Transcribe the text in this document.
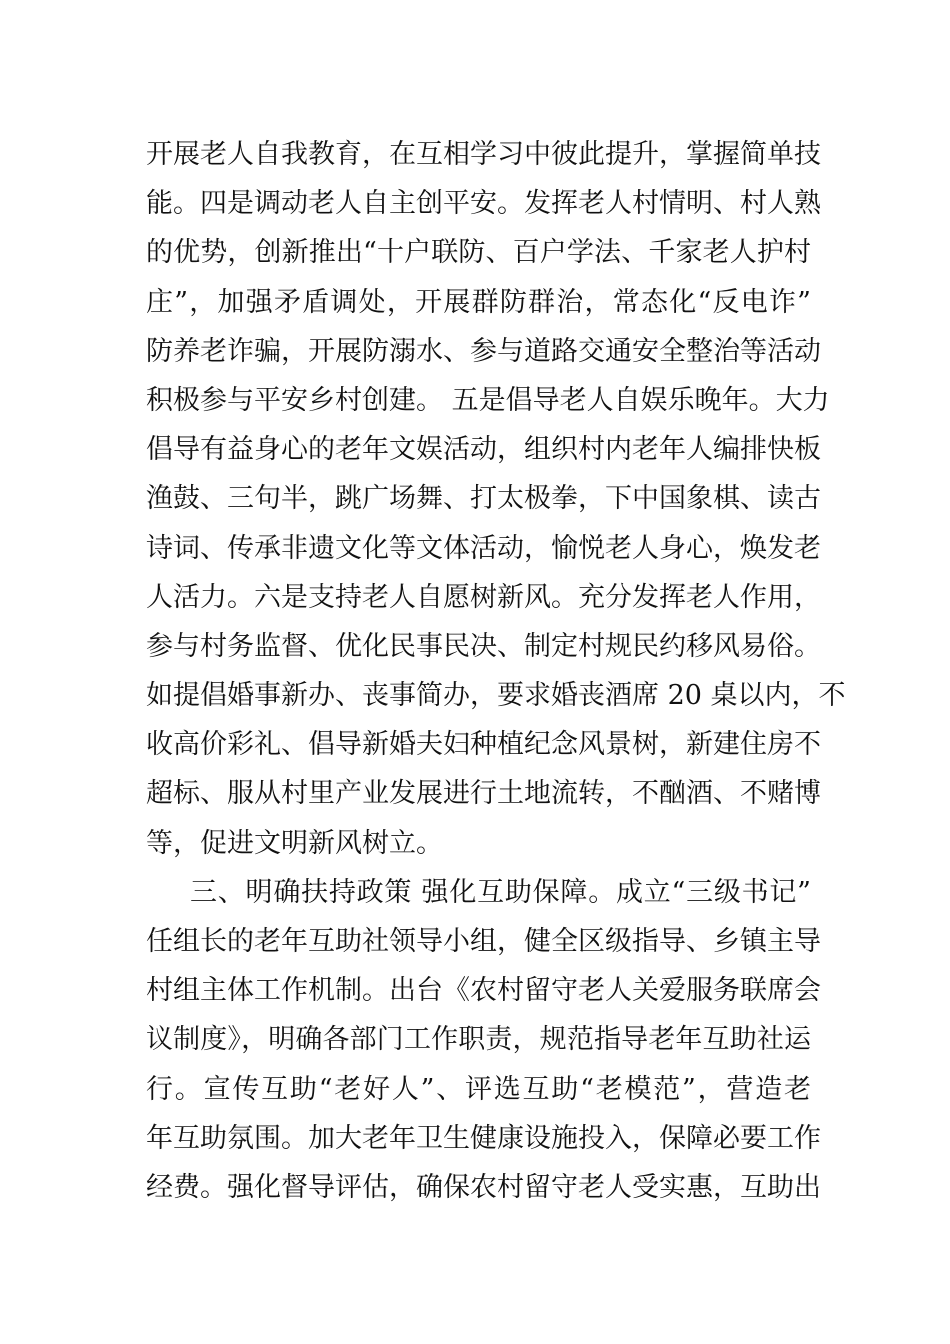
开展老人自我教育，在互相学习中彼此提升，掌握简单技
能。四是调动老人自主创平安。发挥老人村情明、村人熟
的优势，创新推出“十户联防、百户学法、千家老人护村
庄”，加强矛盾调处，开展群防群治，常态化“反电诈”
防养老诈骗，开展防溺水、参与道路交通安全整治等活动
积极参与平安乡村创建。 五是倡导老人自娱乐晚年。大力
倡导有益身心的老年文娱活动，组织村内老年人编排快板
渔鼓、三句半，跳广场舞、打太极拳，下中国象棋、读古
诗词、传承非遗文化等文体活动，愉悦老人身心，焕发老
人活力。六是支持老人自愿树新风。充分发挥老人作用，
参与村务监督、优化民事民决、制定村规民约移风易俗。
如提倡婚事新办、丧事简办，要求婚丧酒席 20 桌以内，不
收高价彩礼、倡导新婚夫妇种植纪念风景树，新建住房不
超标、服从村里产业发展进行土地流转，不酗酒、不赌博
等，促进文明新风树立。
三、明确扶持政策 强化互助保障。成立“三级书记”
任组长的老年互助社领导小组，健全区级指导、乡镇主导
村组主体工作机制。出台《农村留守老人关爱服务联席会
议制度》，明确各部门工作职责，规范指导老年互助社运
行。宣传互助“老好人”、评选互助“老模范”，营造老
年互助氛围。加大老年卫生健康设施投入，保障必要工作
经费。强化督导评估，确保农村留守老人受实惠，互助出
